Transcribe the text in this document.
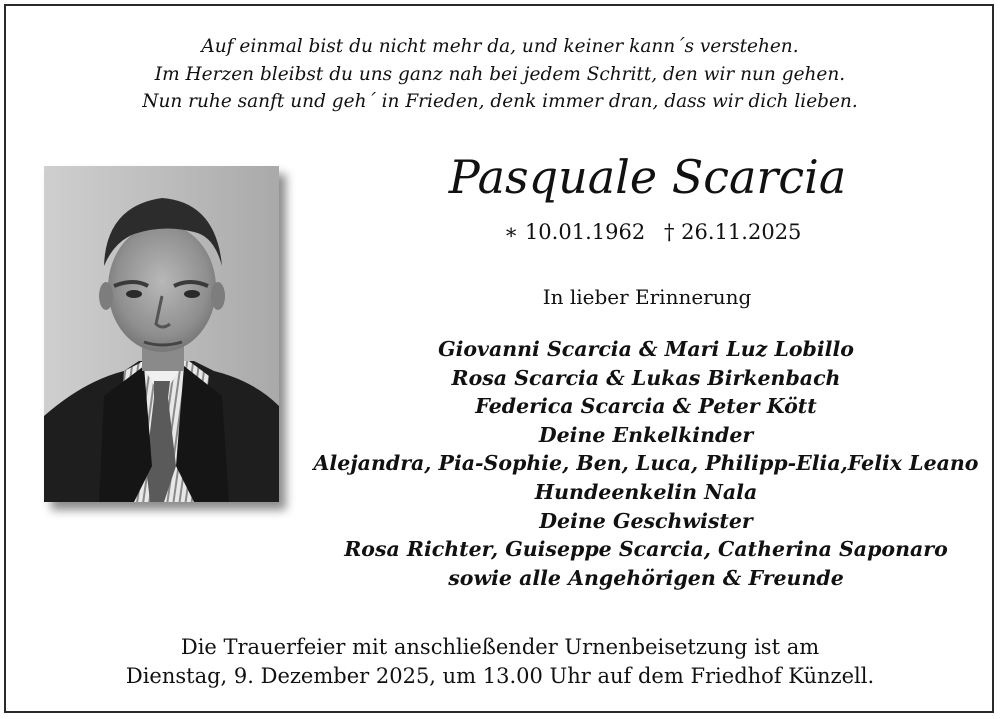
Auf einmal bist du nicht mehr da, und keiner kann´s verstehen.
Im Herzen bleibst du uns ganz nah bei jedem Schritt, den wir nun gehen.
Nun ruhe sanft und geh´ in Frieden, denk immer dran, dass wir dich lieben.
Pasquale Scarcia
∗ 10.01.1962 † 26.11.2025
In lieber Erinnerung
Giovanni Scarcia & Mari Luz Lobillo
Rosa Scarcia & Lukas Birkenbach
Federica Scarcia & Peter Kött
Deine Enkelkinder
Alejandra, Pia-Sophie, Ben, Luca, Philipp-Elia,Felix Leano
Hundeenkelin Nala
Deine Geschwister
Rosa Richter, Guiseppe Scarcia, Catherina Saponaro
sowie alle Angehörigen & Freunde
Die Trauerfeier mit anschließender Urnenbeisetzung ist am
Dienstag, 9. Dezember 2025, um 13.00 Uhr auf dem Friedhof Künzell.
